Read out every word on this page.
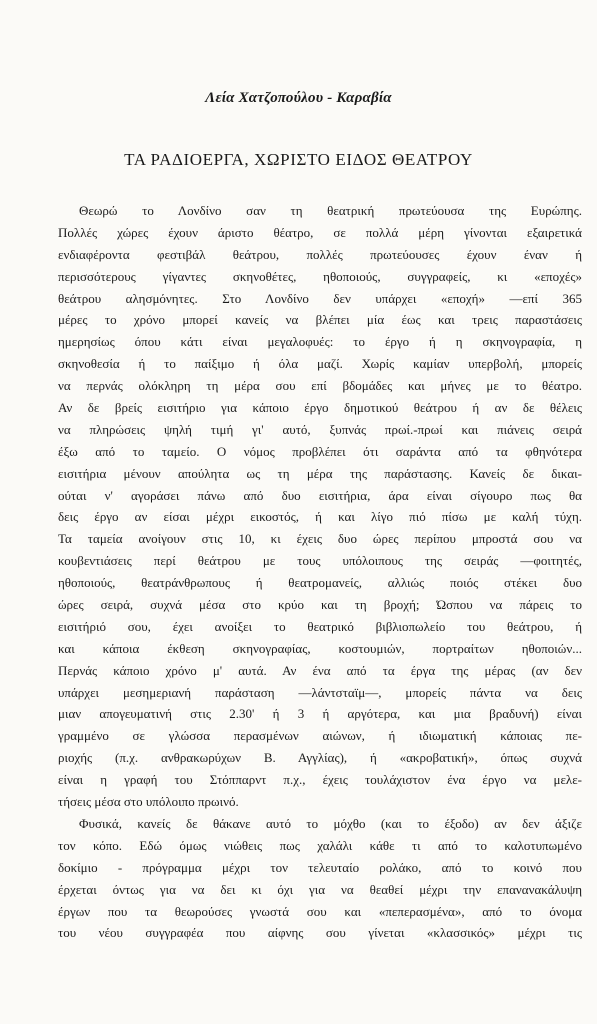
Λεία Χατζοπούλου - Καραβία
ΤΑ ΡΑΔΙΟΕΡΓΑ, ΧΩΡΙΣΤΟ ΕΙΔΟΣ ΘΕΑΤΡΟΥ
Θεωρώ το Λονδίνο σαν τη θεατρική πρωτεύουσα της Ευρώπης.
Πολλές χώρες έχουν άριστο θέατρο, σε πολλά μέρη γίνονται εξαιρετικά
ενδιαφέροντα φεστιβάλ θεάτρου, πολλές πρωτεύουσες έχουν έναν ή
περισσότερους γίγαντες σκηνοθέτες, ηθοποιούς, συγγραφείς, κι «εποχές»
θεάτρου αλησμόνητες. Στο Λονδίνο δεν υπάρχει «εποχή» —επί 365
μέρες το χρόνο μπορεί κανείς να βλέπει μία έως και τρεις παραστάσεις
ημερησίως όπου κάτι είναι μεγαλοφυές: το έργο ή η σκηνογραφία, η
σκηνοθεσία ή το παίξιμο ή όλα μαζί. Χωρίς καμίαν υπερβολή, μπορείς
να περνάς ολόκληρη τη μέρα σου επί βδομάδες και μήνες με το θέατρο.
Αν δε βρείς εισιτήριο για κάποιο έργο δημοτικού θεάτρου ή αν δε θέλεις
να πληρώσεις ψηλή τιμή γι' αυτό, ξυπνάς πρωί.-πρωί και πιάνεις σειρά
έξω από το ταμείο. Ο νόμος προβλέπει ότι σαράντα από τα φθηνότερα
εισιτήρια μένουν απούλητα ως τη μέρα της παράστασης. Κανείς δε δικαι-
ούται ν' αγοράσει πάνω από δυο εισιτήρια, άρα είναι σίγουρο πως θα
δεις έργο αν είσαι μέχρι εικοστός, ή και λίγο πιό πίσω με καλή τύχη.
Τα ταμεία ανοίγουν στις 10, κι έχεις δυο ώρες περίπου μπροστά σου να
κουβεντιάσεις περί θεάτρου με τους υπόλοιπους της σειράς —φοιτητές,
ηθοποιούς, θεατράνθρωπους ή θεατρομανείς, αλλιώς ποιός στέκει δυο
ώρες σειρά, συχνά μέσα στο κρύο και τη βροχή; Ώσπου να πάρεις το
εισιτήριό σου, έχει ανοίξει το θεατρικό βιβλιοπωλείο του θεάτρου, ή
και κάποια έκθεση σκηνογραφίας, κοστουμιών, πορτραίτων ηθοποιών...
Περνάς κάποιο χρόνο μ' αυτά. Αν ένα από τα έργα της μέρας (αν δεν
υπάρχει μεσημεριανή παράσταση —λάντσταϊμ—, μπορείς πάντα να δεις
μιαν απογευματινή στις 2.30' ή 3 ή αργότερα, και μια βραδυνή) είναι
γραμμένο σε γλώσσα περασμένων αιώνων, ή ιδιωματική κάποιας πε-
ριοχής (π.χ. ανθρακωρύχων Β. Αγγλίας), ή «ακροβατική», όπως συχνά
είναι η γραφή του Στόππαρντ π.χ., έχεις τουλάχιστον ένα έργο να μελε-
τήσεις μέσα στο υπόλοιπο πρωινό.
Φυσικά, κανείς δε θάκανε αυτό το μόχθο (και το έξοδο) αν δεν άξιζε
τον κόπο. Εδώ όμως νιώθεις πως χαλάλι κάθε τι από το καλοτυπωμένο
δοκίμιο - πρόγραμμα μέχρι τον τελευταίο ρολάκο, από το κοινό που
έρχεται όντως για να δει κι όχι για να θεαθεί μέχρι την επανανακάλυψη
έργων που τα θεωρούσες γνωστά σου και «πεπερασμένα», από το όνομα
του νέου συγγραφέα που αίφνης σου γίνεται «κλασσικός» μέχρι τις
